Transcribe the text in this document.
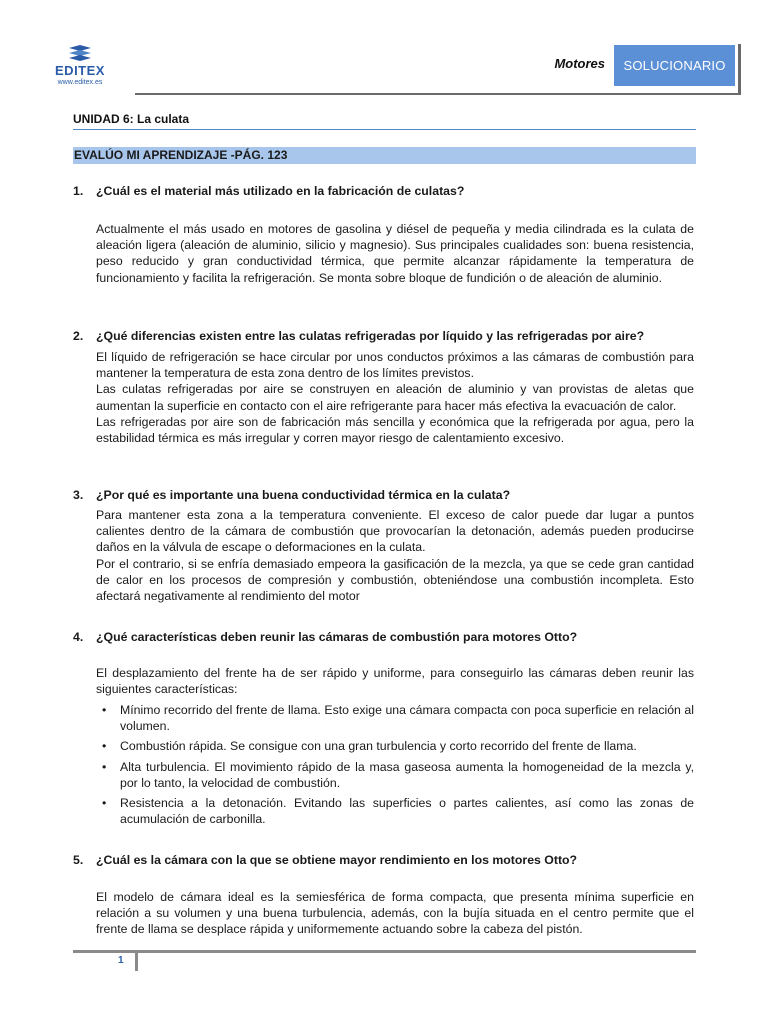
EDITEX
www.editex.es
Motores	SOLUCIONARIO
UNIDAD 6: La culata
EVALÚO MI APRENDIZAJE -PÁG. 123
1. ¿Cuál es el material más utilizado en la fabricación de culatas?

Actualmente el más usado en motores de gasolina y diésel de pequeña y media cilindrada es la culata de aleación ligera (aleación de aluminio, silicio y magnesio). Sus principales cualidades son: buena resistencia, peso reducido y gran conductividad térmica, que permite alcanzar rápidamente la temperatura de funcionamiento y facilita la refrigeración. Se monta sobre bloque de fundición o de aleación de aluminio.

2. ¿Qué diferencias existen entre las culatas refrigeradas por líquido y las refrigeradas por aire?

El líquido de refrigeración se hace circular por unos conductos próximos a las cámaras de combustión para mantener la temperatura de esta zona dentro de los límites previstos.

Las culatas refrigeradas por aire se construyen en aleación de aluminio y van provistas de aletas que aumentan la superficie en contacto con el aire refrigerante para hacer más efectiva la evacuación de calor.

Las refrigeradas por aire son de fabricación más sencilla y económica que la refrigerada por agua, pero la estabilidad térmica es más irregular y corren mayor riesgo de calentamiento excesivo.

3. ¿Por qué es importante una buena conductividad térmica en la culata?

Para mantener esta zona a la temperatura conveniente. El exceso de calor puede dar lugar a puntos calientes dentro de la cámara de combustión que provocarían la detonación, además pueden producirse daños en la válvula de escape o deformaciones en la culata.

Por el contrario, si se enfría demasiado empeora la gasificación de la mezcla, ya que se cede gran cantidad de calor en los procesos de compresión y combustión, obteniéndose una combustión incompleta. Esto afectará negativamente al rendimiento del motor

4. ¿Qué características deben reunir las cámaras de combustión para motores Otto?

El desplazamiento del frente ha de ser rápido y uniforme, para conseguirlo las cámaras deben reunir las siguientes características:

• Mínimo recorrido del frente de llama. Esto exige una cámara compacta con poca superficie en relación al volumen.
• Combustión rápida. Se consigue con una gran turbulencia y corto recorrido del frente de llama.
• Alta turbulencia. El movimiento rápido de la masa gaseosa aumenta la homogeneidad de la mezcla y, por lo tanto, la velocidad de combustión.
• Resistencia a la detonación. Evitando las superficies o partes calientes, así como las zonas de acumulación de carbonilla.
5. ¿Cuál es la cámara con la que se obtiene mayor rendimiento en los motores Otto?

El modelo de cámara ideal es la semiesférica de forma compacta, que presenta mínima superficie en relación a su volumen y una buena turbulencia, además, con la bujía situada en el centro permite que el frente de llama se desplace rápida y uniformemente actuando sobre la cabeza del pistón.

1
